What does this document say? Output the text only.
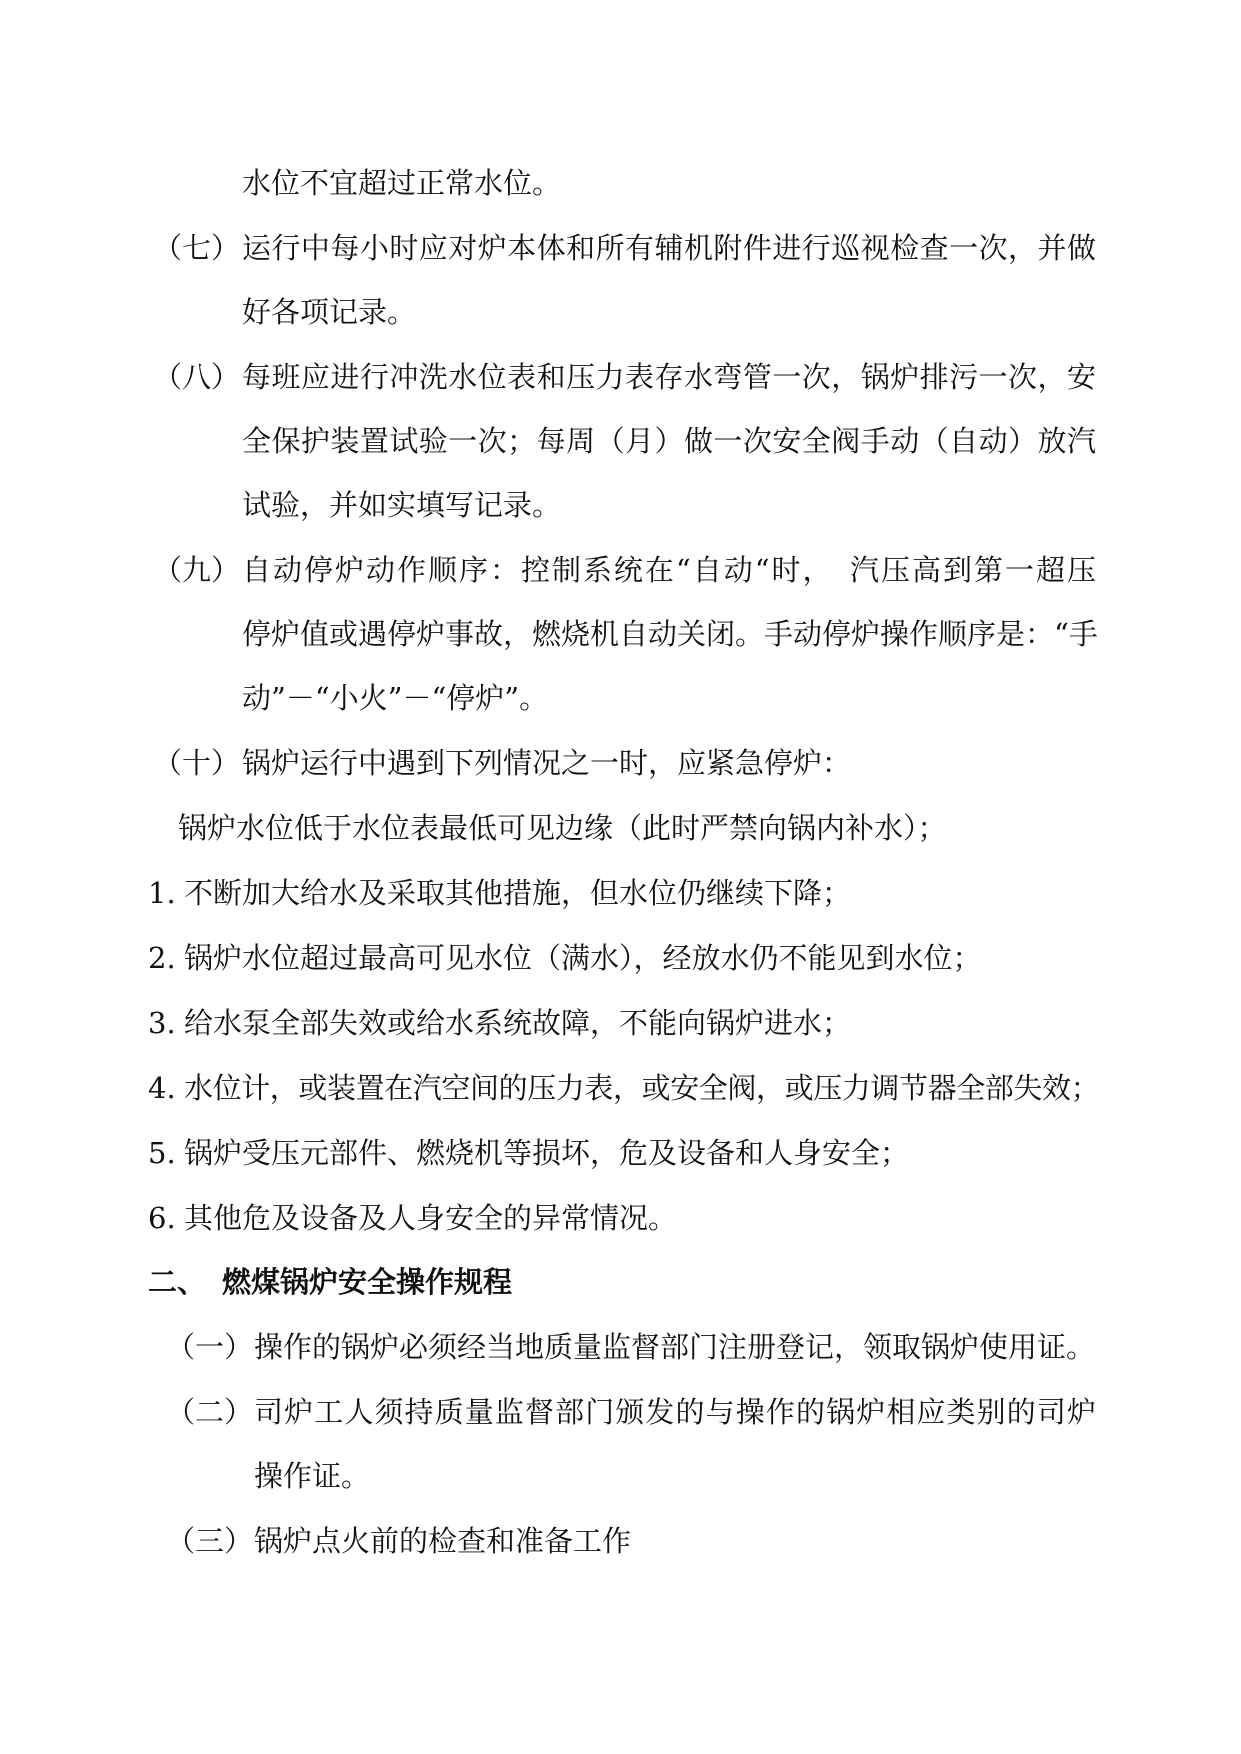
水位不宜超过正常水位。
（七） 运行中每小时应对炉本体和所有辅机附件进行巡视检查一次，并做
好各项记录。
（八） 每班应进行冲洗水位表和压力表存水弯管一次，锅炉排污一次，安
全保护装置试验一次；每周（月）做一次安全阀手动（自动）放汽
试验，并如实填写记录。
（九） 自动停炉动作顺序：控制系统在“自动“时，　汽压高到第一超压
停炉值或遇停炉事故，燃烧机自动关闭。手动停炉操作顺序是：“手
动”－“小火”－“停炉”。
（十） 锅炉运行中遇到下列情况之一时，应紧急停炉：
锅炉水位低于水位表最低可见边缘（此时严禁向锅内补水）；
1. 不断加大给水及采取其他措施，但水位仍继续下降；
2. 锅炉水位超过最高可见水位（满水），经放水仍不能见到水位；
3. 给水泵全部失效或给水系统故障，不能向锅炉进水；
4. 水位计，或装置在汽空间的压力表，或安全阀，或压力调节器全部失效；
5. 锅炉受压元部件、燃烧机等损坏，危及设备和人身安全；
6. 其他危及设备及人身安全的异常情况。
二、 燃煤锅炉安全操作规程
（一） 操作的锅炉必须经当地质量监督部门注册登记，领取锅炉使用证。
（二） 司炉工人须持质量监督部门颁发的与操作的锅炉相应类别的司炉
操作证。
（三） 锅炉点火前的检查和准备工作
